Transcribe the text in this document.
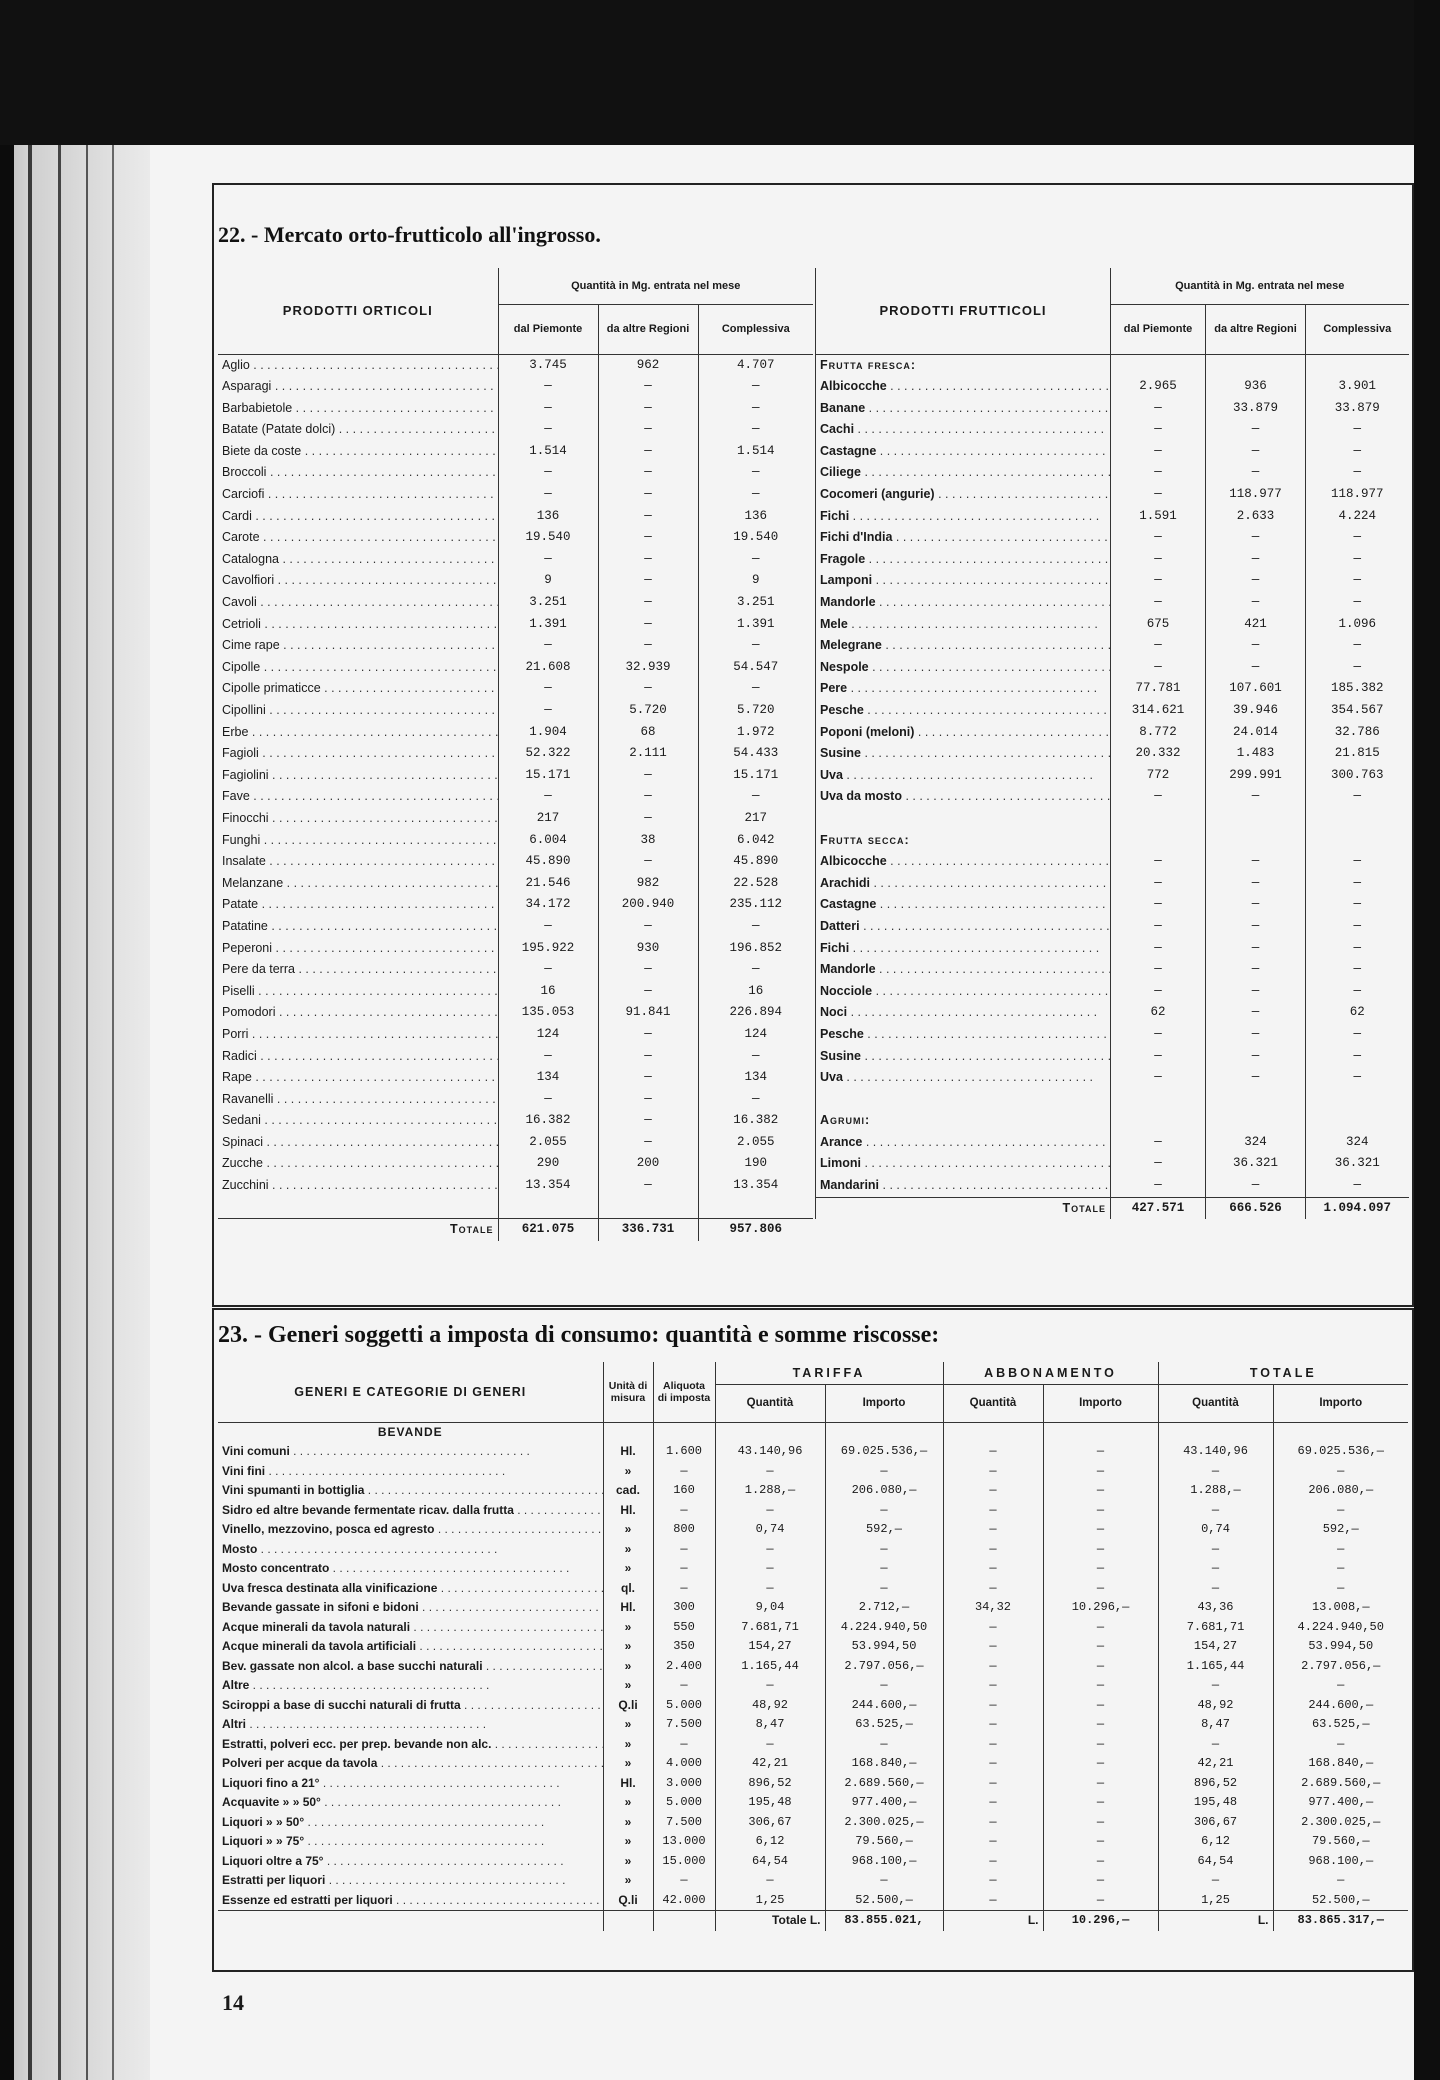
22. - Mercato orto-frutticolo all'ingrosso.
PRODOTTI ORTICOLI	Quantità in Mg. entrata nel mese		
	dal Piemonte	da altre Regioni	Complessiva
Aglio . . .	3.745	962	4.707
Asparagi . . .	—	—	—
Barbabietole . . .	—	—	—
Batate (Patate dolci) . . .	—	—	—
Biete da coste . . .	1.514	—	1.514
Broccoli . . .	—	—	—
Carciofi . . .	—	—	—
Cardi . . .	136	—	136
Carote . . .	19.540	—	19.540
Catalogna . . .	—	—	—
Cavolfiori . . .	9	—	9
Cavoli . . .	3.251	—	3.251
Cetrioli . . .	1.391	—	1.391
Cime rape . . .	—	—	—
Cipolle . . .	21.608	32.939	54.547
Cipolle primaticce . . .	—	—	—
Cipollini . . .	—	5.720	5.720
Erbe . . .	1.904	68	1.972
Fagioli . . .	52.322	2.111	54.433
Fagiolini . . .	15.171	—	15.171
Fave . . .	—	—	—
Finocchi . . .	217	—	217
Funghi . . .	6.004	38	6.042
Insalate . . .	45.890	—	45.890
Melanzane . . .	21.546	982	22.528
Patate . . .	34.172	200.940	235.112
Patatine . . .	—	—	—
Peperoni . . .	195.922	930	196.852
Pere da terra . . .	—	—	—
Piselli . . .	16	—	16
Pomodori . . .	135.053	91.841	226.894
Porri . . .	124	—	124
Radici . . .	—	—	—
Rape . . .	134	—	134
Ravanelli . . .	—	—	—
Sedani . . .	16.382	—	16.382
Spinaci . . .	2.055	—	2.055
Zucche . . .	290	200	190
Zucchini . . .	13.354	—	13.354

Totale	621.075	336.731	957.806
PRODOTTI FRUTTICOLI	Quantità in Mg. entrata nel mese		
	dal Piemonte	da altre Regioni	Complessiva
Frutta fresca:			
Albicocche . . .	2.965	936	3.901
Banane . . .	—	33.879	33.879
Cachi . . .	—	—	—
Castagne . . .	—	—	—
Ciliege . . .	—	—	—
Cocomeri (angurie) . . .	—	118.977	118.977
Fichi . . .	1.591	2.633	4.224
Fichi d'India . . .	—	—	—
Fragole . . .	—	—	—
Lamponi . . .	—	—	—
Mandorle . . .	—	—	—
Mele . . .	675	421	1.096
Melegrane . . .	—	—	—
Nespole . . .	—	—	—
Pere . . .	77.781	107.601	185.382
Pesche . . .	314.621	39.946	354.567
Poponi (meloni) . . .	8.772	24.014	32.786
Susine . . .	20.332	1.483	21.815
Uva . . .	772	299.991	300.763
Uva da mosto . . .	—	—	—

Frutta secca:			
Albicocche . . .	—	—	—
Arachidi . . .	—	—	—
Castagne . . .	—	—	—
Datteri . . .	—	—	—
Fichi . . .	—	—	—
Mandorle . . .	—	—	—
Nocciole . . .	—	—	—
Noci . . .	62	—	62
Pesche . . .	—	—	—
Susine . . .	—	—	—
Uva . . .	—	—	—

Agrumi:			
Arance . . .	—	324	324
Limoni . . .	—	36.321	36.321
Mandarini . . .	—	—	—
Totale	427.571	666.526	1.094.097
23. - Generi soggetti a imposta di consumo: quantità e somme riscosse:
GENERI E CATEGORIE DI GENERI	Unità di misura	Aliquota di imposta	TARIFFA		ABBONAMENTO		TOTALE	
			Quantità	Importo	Quantità	Importo	Quantità	Importo
BEVANDE								
Vini comuni . . .	Hl.	1.600	43.140,96	69.025.536,—	—	—	43.140,96	69.025.536,—
Vini fini . . .	»	—	—	—	—	—	—	—
Vini spumanti in bottiglia . . .	cad.	160	1.288,—	206.080,—	—	—	1.288,—	206.080,—
Sidro ed altre bevande fermentate ricav. dalla frutta . . .	Hl.	—	—	—	—	—	—	—
Vinello, mezzovino, posca ed agresto . . .	»	800	0,74	592,—	—	—	0,74	592,—
Mosto . . .	»	—	—	—	—	—	—	—
Mosto concentrato . . .	»	—	—	—	—	—	—	—
Uva fresca destinata alla vinificazione . . .	ql.	—	—	—	—	—	—	—
Bevande gassate in sifoni e bidoni . . .	Hl.	300	9,04	2.712,—	34,32	10.296,—	43,36	13.008,—
Acque minerali da tavola naturali . . .	»	550	7.681,71	4.224.940,50	—	—	7.681,71	4.224.940,50
Acque minerali da tavola artificiali . . .	»	350	154,27	53.994,50	—	—	154,27	53.994,50
Bev. gassate non alcol. a base succhi naturali . . .	»	2.400	1.165,44	2.797.056,—	—	—	1.165,44	2.797.056,—
Altre . . .	»	—	—	—	—	—	—	—
Sciroppi a base di succhi naturali di frutta . . .	Q.li	5.000	48,92	244.600,—	—	—	48,92	244.600,—
Altri . . .	»	7.500	8,47	63.525,—	—	—	8,47	63.525,—
Estratti, polveri ecc. per prep. bevande non alc. . . .	»	—	—	—	—	—	—	—
Polveri per acque da tavola . . .	»	4.000	42,21	168.840,—	—	—	42,21	168.840,—
Liquori fino a 21° . . .	Hl.	3.000	896,52	2.689.560,—	—	—	896,52	2.689.560,—
Acquavite » » 50° . . .	»	5.000	195,48	977.400,—	—	—	195,48	977.400,—
Liquori » » 50° . . .	»	7.500	306,67	2.300.025,—	—	—	306,67	2.300.025,—
Liquori » » 75° . . .	»	13.000	6,12	79.560,—	—	—	6,12	79.560,—
Liquori oltre a 75° . . .	»	15.000	64,54	968.100,—	—	—	64,54	968.100,—
Estratti per liquori . . .	»	—	—	—	—	—	—	—
Essenze ed estratti per liquori . . .	Q.li	42.000	1,25	52.500,—	—	—	1,25	52.500,—
			Totale L.	83.855.021,	L.	10.296,—	L.	83.865.317,—
14
